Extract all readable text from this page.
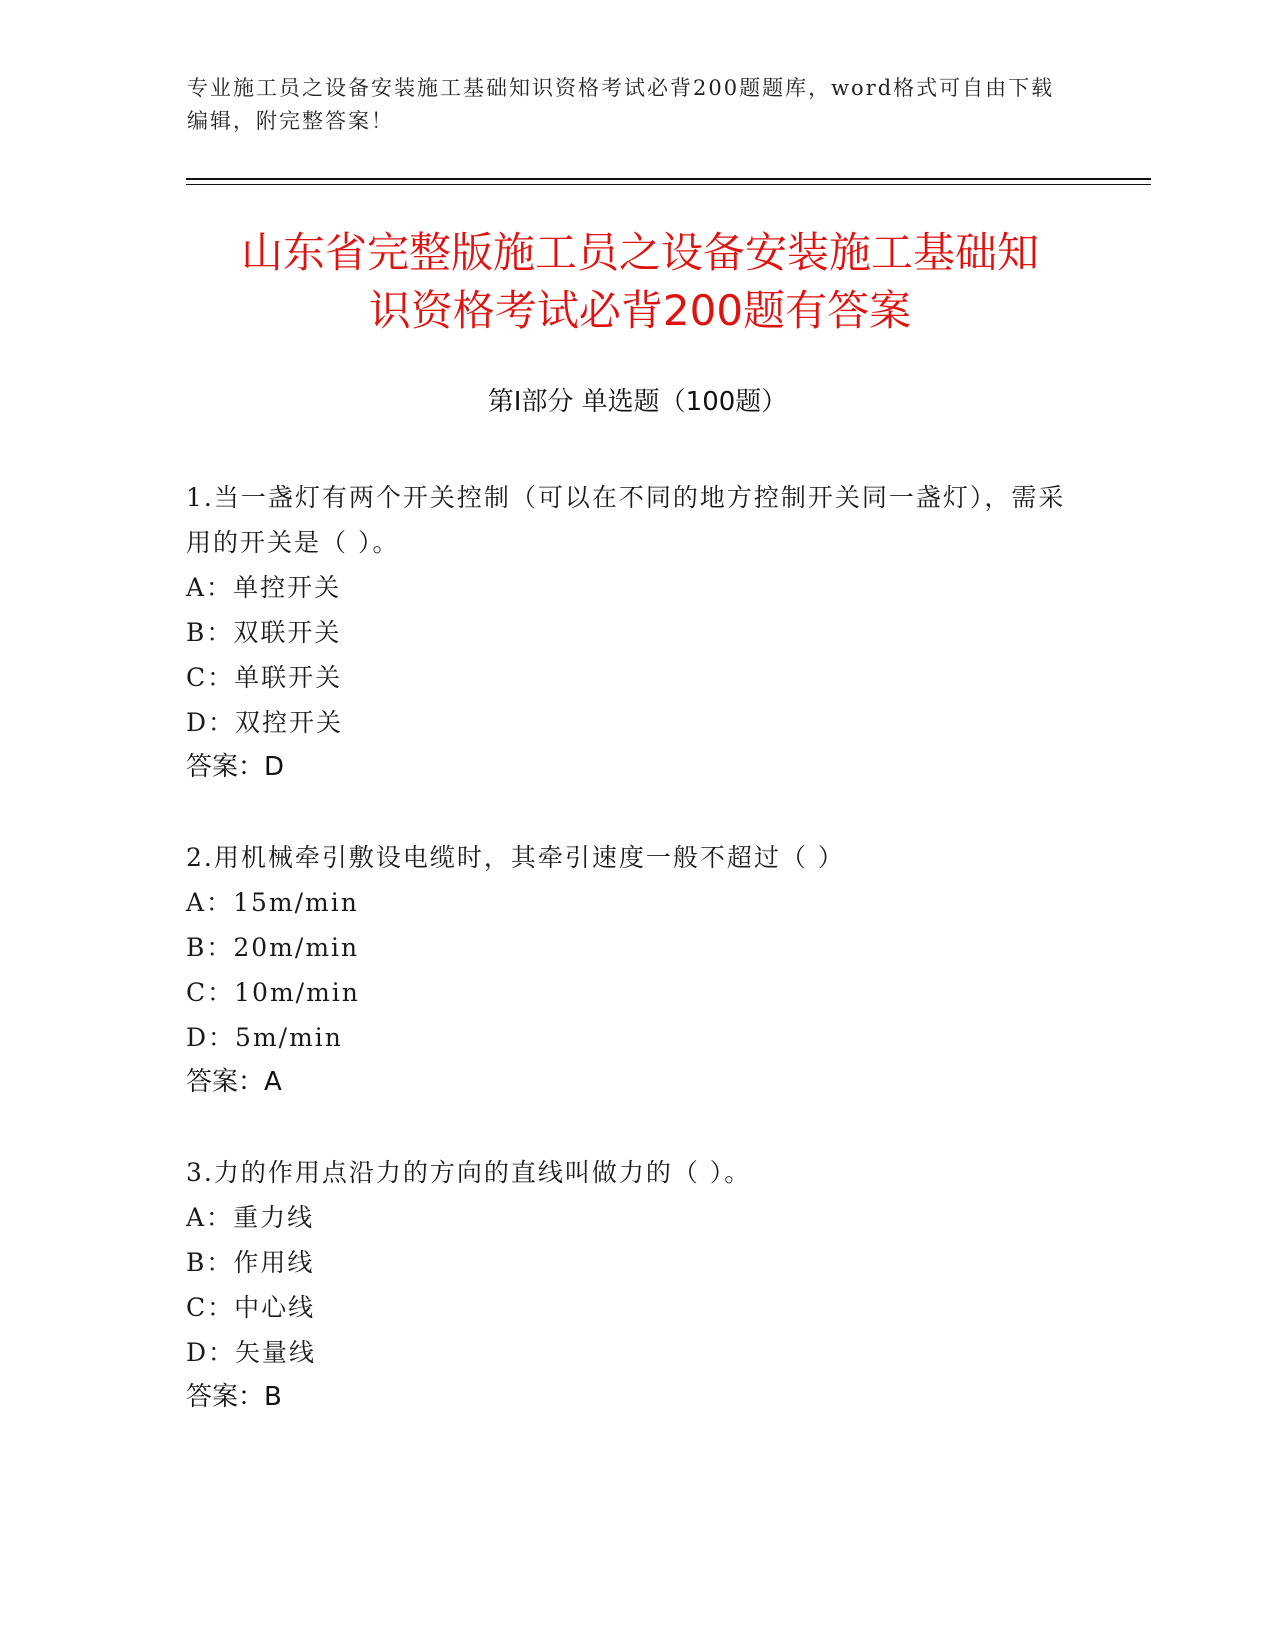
专业施工员之设备安装施工基础知识资格考试必背200题题库，word格式可自由下载编辑，附完整答案！
山东省完整版施工员之设备安装施工基础知
识资格考试必背200题有答案
第I部分 单选题（100题）

1.当一盏灯有两个开关控制（可以在不同的地方控制开关同一盏灯），需采用的开关是（ ）。

A：单控开关

B：双联开关

C：单联开关

D：双控开关

答案：D

2.用机械牵引敷设电缆时，其牵引速度一般不超过（ ）

A：15m/min

B：20m/min

C：10m/min

D：5m/min

答案：A

3.力的作用点沿力的方向的直线叫做力的（ ）。

A：重力线

B：作用线

C：中心线

D：矢量线

答案：B
